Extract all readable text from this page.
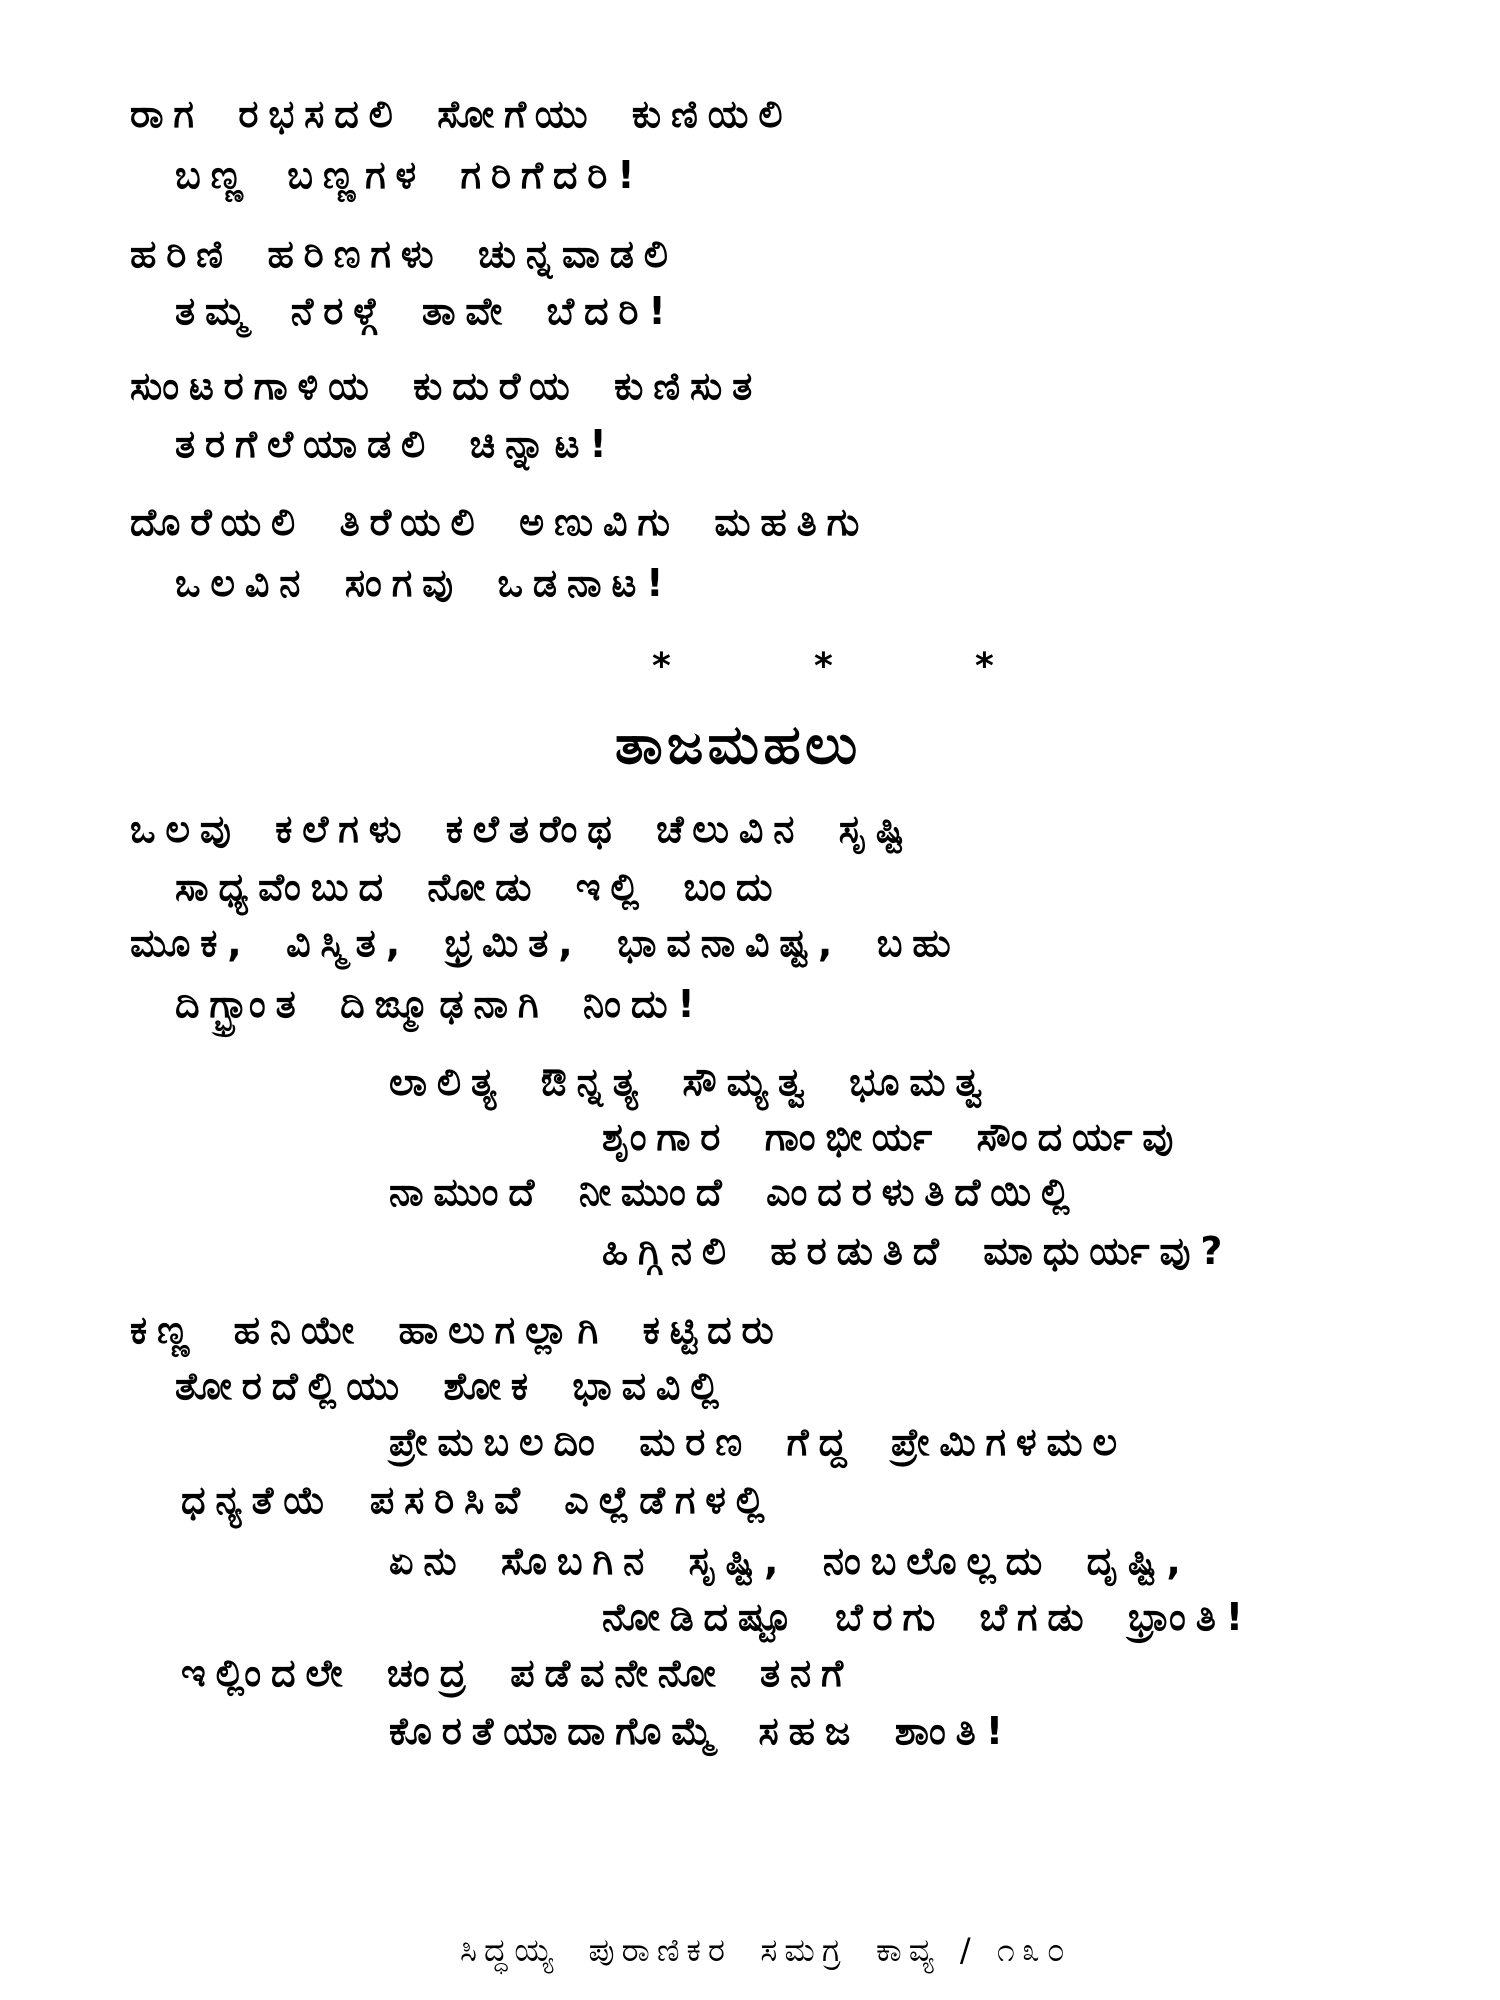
ರಾಗ ರಭಸದಲಿ ಸೋಗೆಯು ಕುಣಿಯಲಿ
ಬಣ್ಣ ಬಣ್ಣಗಳ ಗರಿಗೆದರಿ!
ಹರಿಣಿ ಹರಿಣಗಳು ಚುನ್ನವಾಡಲಿ
ತಮ್ಮ ನೆರಳ್ಗೆ ತಾವೇ ಬೆದರಿ!
ಸುಂಟರಗಾಳಿಯ ಕುದುರೆಯ ಕುಣಿಸುತ
ತರಗೆಲೆಯಾಡಲಿ ಚಿನ್ನಾಟ!
ದೊರೆಯಲಿ ತಿರೆಯಲಿ ಅಣುವಿಗು ಮಹತಿಗು
ಒಲವಿನ ಸಂಗವು ಒಡನಾಟ!
*	*	*
ತಾಜಮಹಲು
ಒಲವು ಕಲೆಗಳು ಕಲೆತರೆಂಥ ಚೆಲುವಿನ ಸೃಷ್ಟಿ
ಸಾಧ್ಯವೆಂಬುದ ನೋಡು ಇಲ್ಲಿ ಬಂದು
ಮೂಕ, ವಿಸ್ಮಿತ, ಭ್ರಮಿತ, ಭಾವನಾವಿಷ್ಟ, ಬಹು
ದಿಗ್ಭ್ರಾಂತ ದಿಙ್ಮೂಢನಾಗಿ ನಿಂದು!
ಲಾಲಿತ್ಯ ಔನ್ನತ್ಯ ಸೌಮ್ಯತ್ವ ಭೂಮತ್ವ
ಶೃಂಗಾರ ಗಾಂಭೀರ್ಯ ಸೌಂದರ್ಯವು
ನಾಮುಂದೆ ನೀಮುಂದೆ ಎಂದರಳುತಿದೆಯಿಲ್ಲಿ
ಹಿಗ್ಗಿನಲಿ ಹರಡುತಿದೆ ಮಾಧುರ್ಯವು?
ಕಣ್ಣ ಹನಿಯೇ ಹಾಲುಗಲ್ಲಾಗಿ ಕಟ್ಟಿದರು
ತೋರದೆಲ್ಲಿಯು ಶೋಕ ಭಾವವಿಲ್ಲಿ
ಪ್ರೇಮಬಲದಿಂ ಮರಣ ಗೆದ್ದ ಪ್ರೇಮಿಗಳಮಲ
ಧನ್ಯತೆಯೆ ಪಸರಿಸಿವೆ ಎಲ್ಲೆಡೆಗಳಲ್ಲಿ
ಏನು ಸೊಬಗಿನ ಸೃಷ್ಟಿ, ನಂಬಲೊಲ್ಲದು ದೃಷ್ಟಿ,
ನೋಡಿದಷ್ಟೂ ಬೆರಗು ಬೆಗಡು ಭ್ರಾಂತಿ!
ಇಲ್ಲಿಂದಲೇ ಚಂದ್ರ ಪಡೆವನೇನೋ ತನಗೆ
ಕೊರತೆಯಾದಾಗೊಮ್ಮೆ ಸಹಜ ಶಾಂತಿ!
ಸಿದ್ಧಯ್ಯ ಪುರಾಣಿಕರ ಸಮಗ್ರ ಕಾವ್ಯ / ೧೩೦
